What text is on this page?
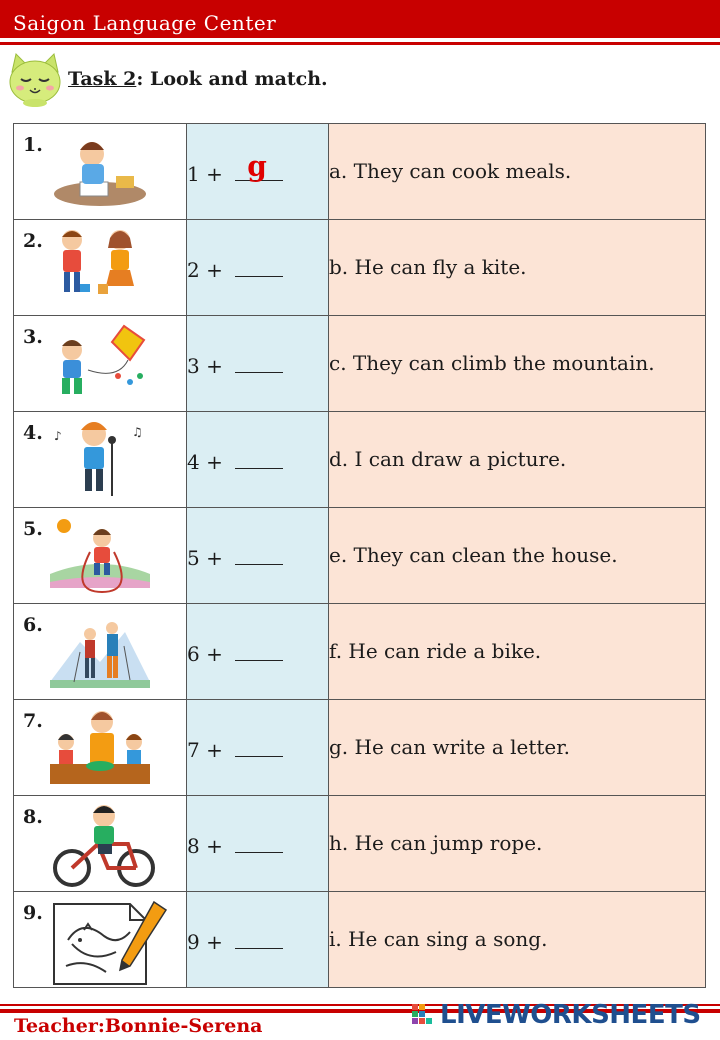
Saigon Language Center
Task 2: Look and match.
1.	1 + g	a. They can cook meals.

2.	2 +	b. He can fly a kite.

3.	3 +	c. They can climb the mountain.

4. ♪ ♫	4 +	d. I can draw a picture.

5.	5 +	e. They can clean the house.

6.	6 +	f. He can ride a bike.

7.	7 +	g. He can write a letter.

8.	8 +	h. He can jump rope.

9.	9 +	i. He can sing a song.
Teacher:Bonnie-Serena	LIVEWORKSHEETS
